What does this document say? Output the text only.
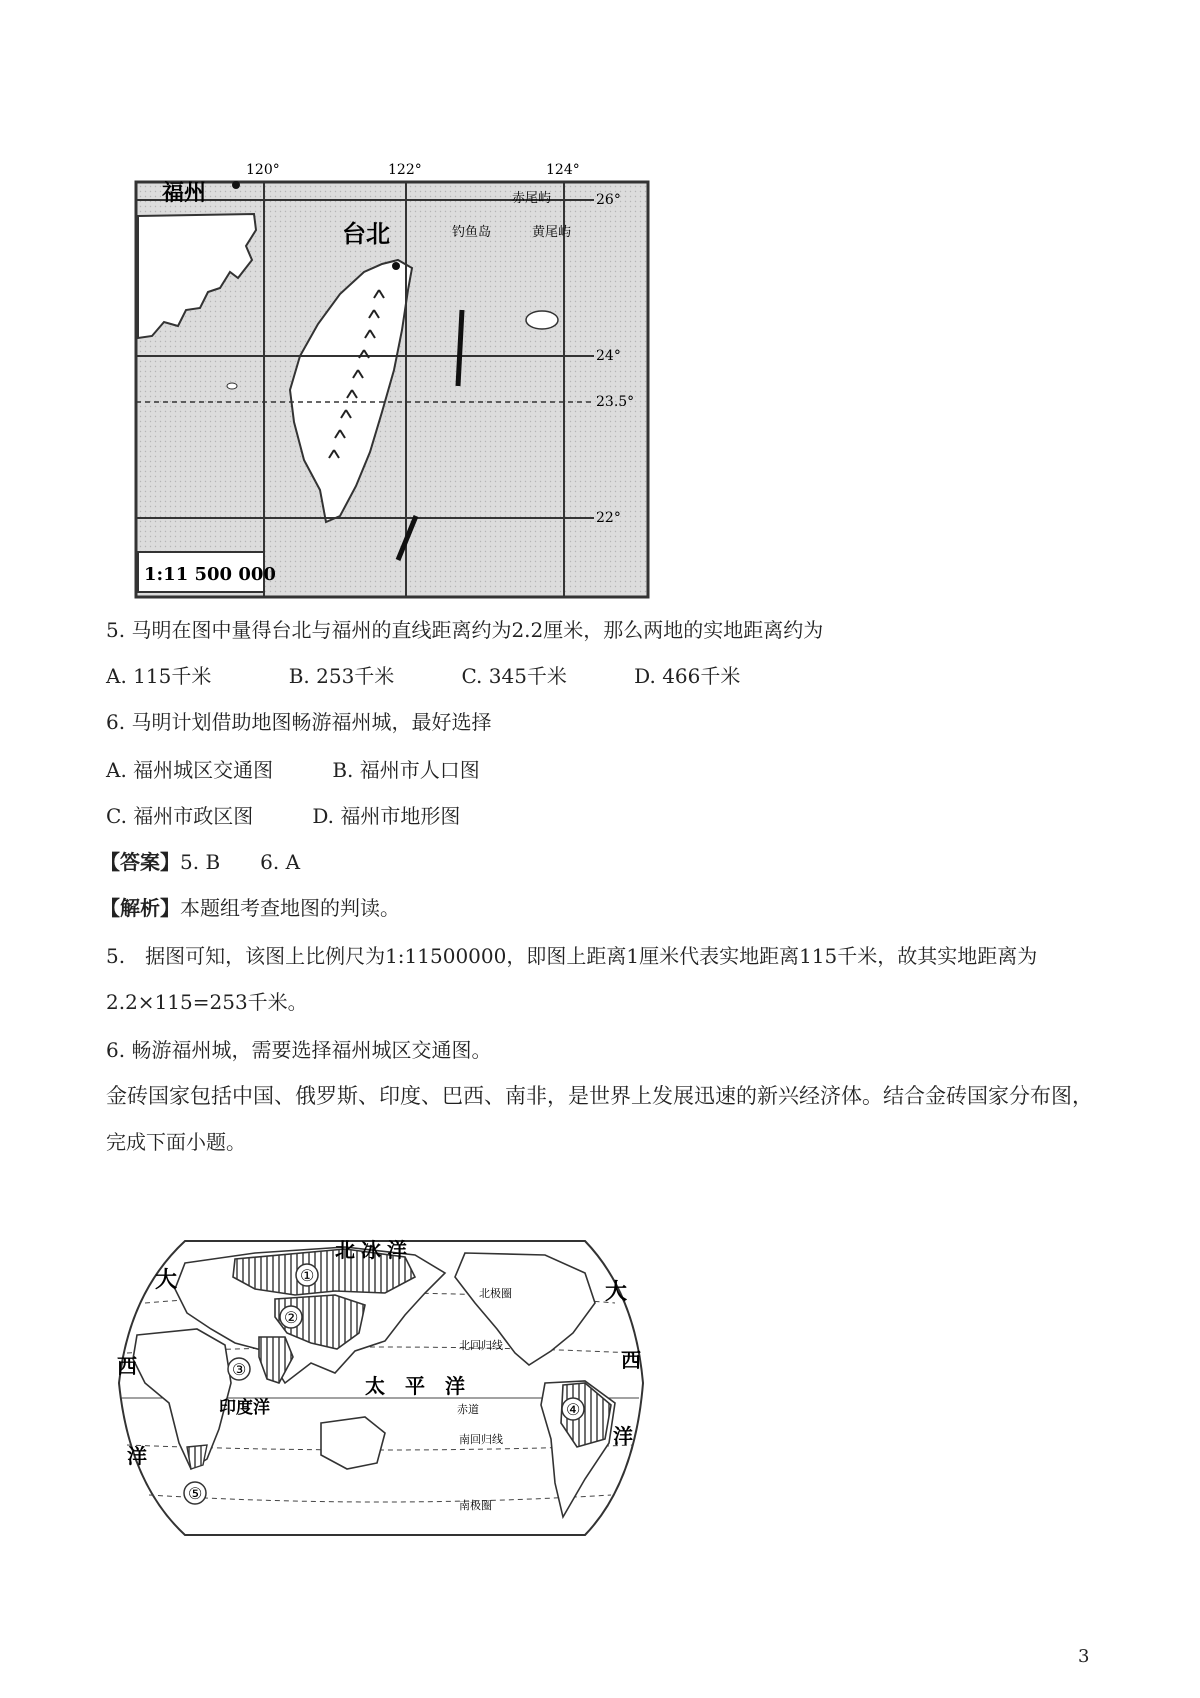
120°	122°	124°
26°
24°
23.5°
22°
福州
台北	钓鱼岛
赤尾屿
黄尾屿
1:11 500 000
5. 马明在图中量得台北与福州的直线距离约为2.2厘米，那么两地的实地距离约为
A. 115千米	B. 253千米	C. 345千米	D. 466千米
6. 马明计划借助地图畅游福州城，最好选择
A. 福州城区交通图	B. 福州市人口图
C. 福州市政区图	D. 福州市地形图
【答案】5. B　　6. A
【解析】本题组考查地图的判读。
5.　据图可知，该图上比例尺为1:11500000，即图上距离1厘米代表实地距离115千米，故其实地距离为
2.2×115=253千米。
6. 畅游福州城，需要选择福州城区交通图。
金砖国家包括中国、俄罗斯、印度、巴西、南非，是世界上发展迅速的新兴经济体。结合金砖国家分布图，
完成下面小题。
①
②
③
④
⑤
北冰洋
太平洋
印度洋
大	大
西	西
洋
洋
北极圈
北回归线
赤道
南回归线
南极圈
3
